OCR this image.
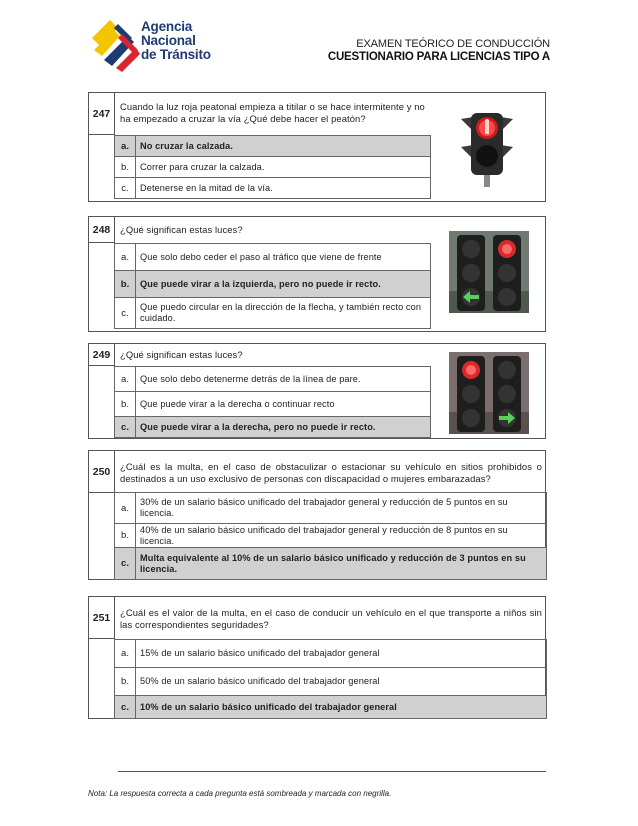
Agencia
Nacional
de Tránsito
EXAMEN TEÓRICO DE CONDUCCIÓN
CUESTIONARIO PARA LICENCIAS TIPO A
247
Cuando la luz roja peatonal empieza a titilar o se hace intermitente y no ha empezado a cruzar la vía ¿Qué debe hacer el peatón?
a.	No cruzar la calzada.
b.	Correr para cruzar la calzada.
c.	Detenerse en la mitad de la vía.
248	¿Qué significan estas luces?
a.	Que solo debo ceder el paso al tráfico que viene de frente
b.	Que puede virar a la izquierda, pero no puede ir recto.
c.
Que puedo circular en la dirección de la flecha, y también recto con cuidado.
249	¿Qué significan estas luces?
a.	Que solo debo detenerme detrás de la línea de pare.
b.	Que puede virar a la derecha o continuar recto
c.	Que puede virar a la derecha, pero no puede ir recto.
250	¿Cuál es la multa, en el caso de obstaculizar o estacionar su vehículo en sitios prohibidos o destinados a un uso exclusivo de personas con discapacidad o mujeres embarazadas?
a.
30% de un salario básico unificado del trabajador general y reducción de 5 puntos en su licencia.
b.
40% de un salario básico unificado del trabajador general y reducción de 8 puntos en su licencia.
c.
Multa equivalente al 10% de un salario básico unificado y reducción de 3 puntos en su licencia.
251	¿Cuál es el valor de la multa, en el caso de conducir un vehículo en el que transporte a niños sin las correspondientes seguridades?
a.	15% de un salario básico unificado del trabajador general
b.	50% de un salario básico unificado del trabajador general
c.	10% de un salario básico unificado del trabajador general
Nota: La respuesta correcta a cada pregunta está sombreada y marcada con negrilla.
